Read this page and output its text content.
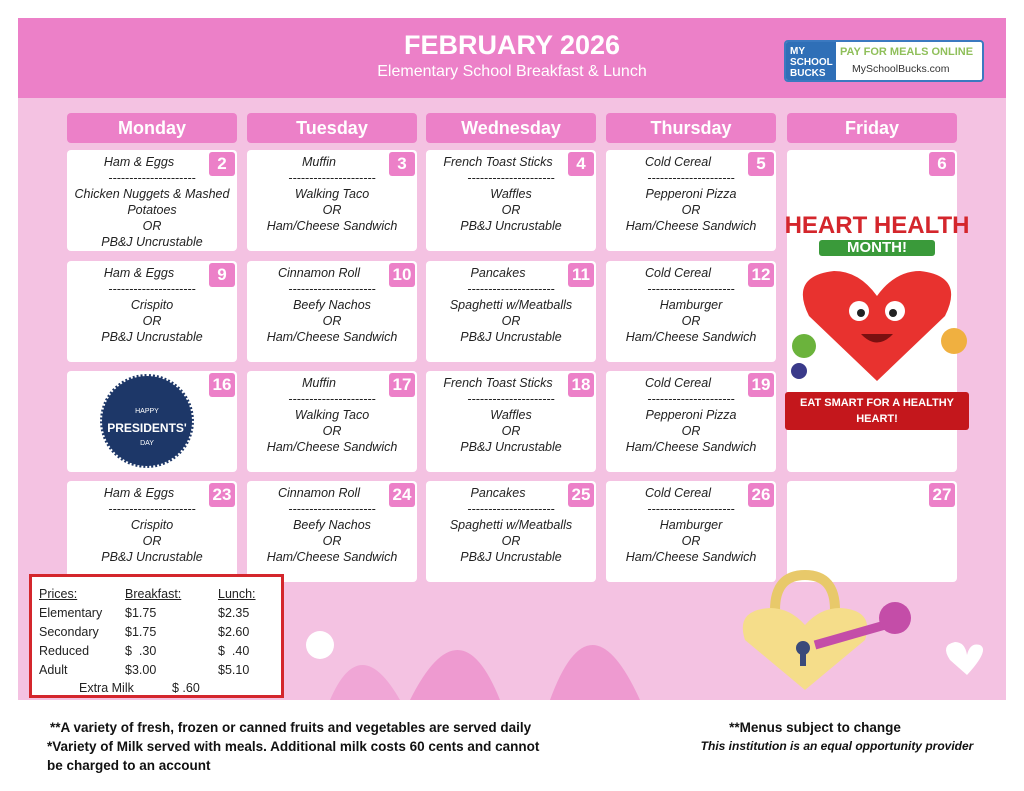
FEBRUARY 2026
Elementary School Breakfast & Lunch
MY
SCHOOL
BUCKS
PAY FOR MEALS ONLINE
MySchoolBucks.com
Monday	Tuesday	Wednesday	Thursday	Friday
2
Ham & Eggs
---------------------
Chicken Nuggets & Mashed Potatoes
OR
PB&J Uncrustable
3
Muffin
---------------------
Walking Taco
OR
Ham/Cheese Sandwich
4
French Toast Sticks
---------------------
Waffles
OR
PB&J Uncrustable
5
Cold Cereal
---------------------
Pepperoni Pizza
OR
Ham/Cheese Sandwich
6
HEART HEALTH
MONTH!
EAT SMART FOR A HEALTHY HEART!
9
Ham & Eggs
---------------------
Crispito
OR
PB&J Uncrustable
10
Cinnamon Roll
---------------------
Beefy Nachos
OR
Ham/Cheese Sandwich
11
Pancakes
---------------------
Spaghetti w/Meatballs
OR
PB&J Uncrustable
12
Cold Cereal
---------------------
Hamburger
OR
Ham/Cheese Sandwich
16
HAPPY
PRESIDENTS'
DAY
17
Muffin
---------------------
Walking Taco
OR
Ham/Cheese Sandwich
18
French Toast Sticks
---------------------
Waffles
OR
PB&J Uncrustable
19
Cold Cereal
---------------------
Pepperoni Pizza
OR
Ham/Cheese Sandwich
23
Ham & Eggs
---------------------
Crispito
OR
PB&J Uncrustable
24
Cinnamon Roll
---------------------
Beefy Nachos
OR
Ham/Cheese Sandwich
25
Pancakes
---------------------
Spaghetti w/Meatballs
OR
PB&J Uncrustable
26
Cold Cereal
---------------------
Hamburger
OR
Ham/Cheese Sandwich
27
Prices:	Breakfast:	Lunch:
Elementary $1.75	$2.35
Secondary $1.75	$2.60
Reduced	$  .30	$  .40
Adult	$3.00	$5.10
Extra Milk	$ .60
**A variety of fresh, frozen or canned fruits and vegetables are served daily
*Variety of Milk served with meals. Additional milk costs 60 cents and cannot
be charged to an account
**Menus subject to change
This institution is an equal opportunity provider
